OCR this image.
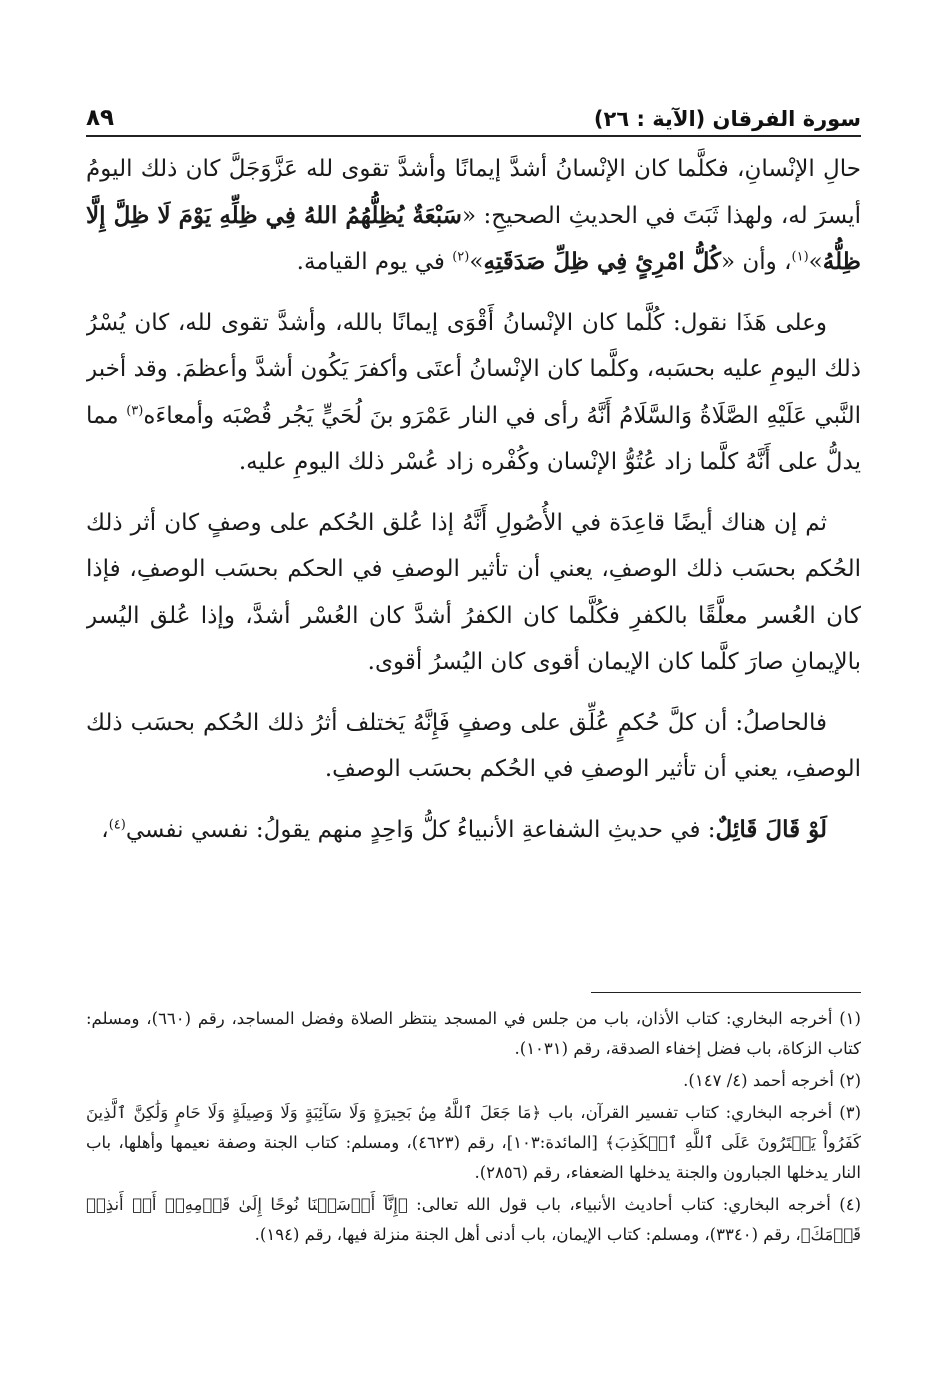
سورة الفرقان (الآية : ٢٦)
٨٩

حالِ الإنْسانِ، فكلَّما كان الإنْسانُ أشدَّ إيمانًا وأشدَّ تقوى لله عَزَّوَجَلَّ كان ذلك اليومُ أيسرَ له، ولهذا ثَبَتَ في الحديثِ الصحيحِ: «سَبْعَةٌ يُظِلُّهُمُ اللهُ فِي ظِلِّهِ يَوْمَ لَا ظِلَّ إِلَّا ظِلُّهُ»$^{(١)}$، وأن «كُلُّ امْرِئٍ فِي ظِلِّ صَدَقَتِهِ»$^{(٢)}$ في يوم القيامة.

وعلى هَذَا نقول: كُلَّما كان الإنْسانُ أَقْوَى إيمانًا بالله، وأشدَّ تقوى لله، كان يُسْرُ ذلك اليومِ عليه بحسَبه، وكلَّما كان الإنْسانُ أعتَى وأكفرَ يَكُون أشدَّ وأعظمَ. وقد أخبر النَّبي عَلَيْهِ الصَّلَاةُ وَالسَّلَامُ أَنَّهُ رأى في النار عَمْرَو بنَ لُحَيٍّ يَجُر قُصْبَه وأمعاءَه$^{(٣)}$ مما يدلُّ على أَنَّهُ كلَّما زاد عُتُوُّ الإنْسان وكُفْره زاد عُسْر ذلك اليومِ عليه.

ثم إن هناك أيضًا قاعِدَة في الأُصُولِ أَنَّهُ إذا عُلق الحُكم على وصفٍ كان أثر ذلك الحُكم بحسَب ذلك الوصفِ، يعني أن تأثير الوصفِ في الحكم بحسَب الوصفِ، فإذا كان العُسر معلَّقًا بالكفرِ فكُلَّما كان الكفرُ أشدَّ كان العُسْر أشدَّ، وإذا عُلق اليُسر بالإيمانِ صارَ كلَّما كان الإيمان أقوى كان اليُسرُ أقوى.

فالحاصلُ: أن كلَّ حُكمٍ عُلِّق على وصفٍ فَإِنَّهُ يَختلف أثرُ ذلك الحُكم بحسَب ذلك الوصفِ، يعني أن تأثير الوصفِ في الحُكم بحسَب الوصفِ.

لَوْ قَالَ قَائِلٌ: في حديثِ الشفاعةِ الأنبياءُ كلُّ وَاحِدٍ منهم يقولُ: نفسي نفسي$^{(٤)}$،

(١) أخرجه البخاري: كتاب الأذان، باب من جلس في المسجد ينتظر الصلاة وفضل المساجد، رقم (٦٦٠)، ومسلم: كتاب الزكاة، باب فضل إخفاء الصدقة، رقم (١٠٣١).

(٢) أخرجه أحمد (٤/ ١٤٧).

(٣) أخرجه البخاري: كتاب تفسير القرآن، باب ﴿مَا جَعَلَ ٱللَّهُ مِنۢ بَحِيرَةٍ وَلَا سَآئِبَةٍ وَلَا وَصِيلَةٍ وَلَا حَامٍ وَلَٰكِنَّ ٱلَّذِينَ كَفَرُواْ يَفۡتَرُونَ عَلَى ٱللَّهِ ٱلۡكَذِبَ﴾ [المائدة:١٠٣]، رقم (٤٦٢٣)، ومسلم: كتاب الجنة وصفة نعيمها وأهلها، باب النار يدخلها الجبارون والجنة يدخلها الضعفاء، رقم (٢٨٥٦).

(٤) أخرجه البخاري: كتاب أحاديث الأنبياء، باب قول الله تعالى: ﴿إِنَّآ أَرۡسَلۡنَا نُوحًا إِلَىٰ قَوۡمِهِۦٓ أَنۡ أَنذِرۡ قَوۡمَكَ﴾، رقم (٣٣٤٠)، ومسلم: كتاب الإيمان، باب أدنى أهل الجنة منزلة فيها، رقم (١٩٤).
